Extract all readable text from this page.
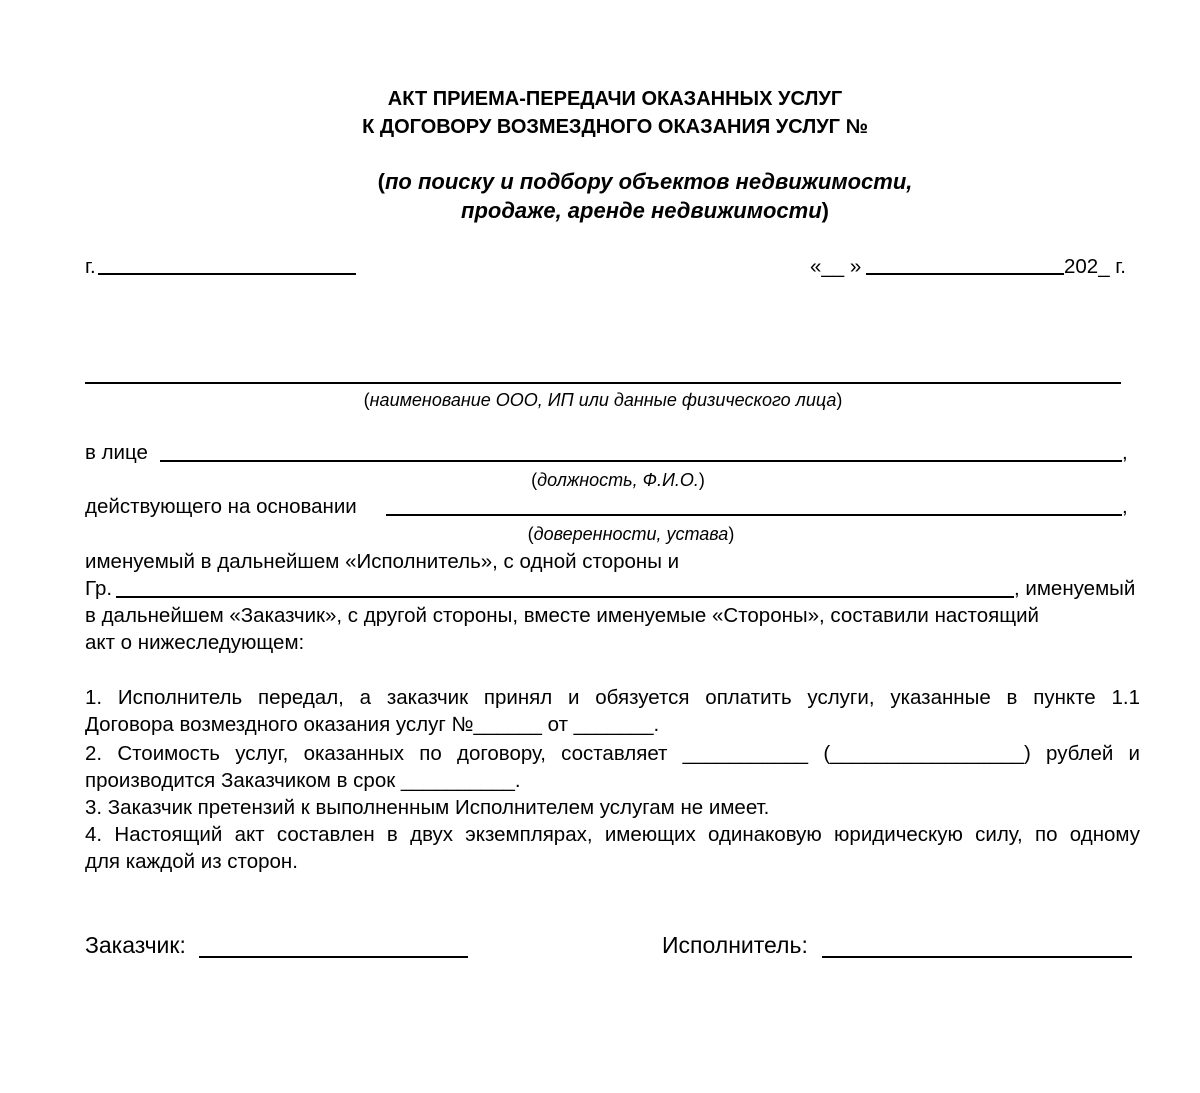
АКТ ПРИЕМА-ПЕРЕДАЧИ ОКАЗАННЫХ УСЛУГ
К ДОГОВОРУ ВОЗМЕЗДНОГО ОКАЗАНИЯ УСЛУГ №
(по поиску и подбору объектов недвижимости,
продаже, аренде недвижимости)
г.	«__ »	202_ г.
(наименование ООО, ИП или данные физического лица)
в лице	,
(должность, Ф.И.О.)
действующего на основании	,
(доверенности, устава)
именуемый в дальнейшем «Исполнитель», с одной стороны и
Гр.	, именуемый
в дальнейшем «Заказчик», с другой стороны, вместе именуемые «Стороны», составили настоящий
акт о нижеследующем:
1. Исполнитель передал, а заказчик принял и обязуется оплатить услуги, указанные в пункте 1.1
Договора возмездного оказания услуг №______ от _______.
2. Стоимость услуг, оказанных по договору, составляет ___________ (_________________) рублей и
производится Заказчиком в срок __________.
3. Заказчик претензий к выполненным Исполнителем услугам не имеет.
4. Настоящий акт составлен в двух экземплярах, имеющих одинаковую юридическую силу, по одному
для каждой из сторон.
Заказчик:	Исполнитель:
